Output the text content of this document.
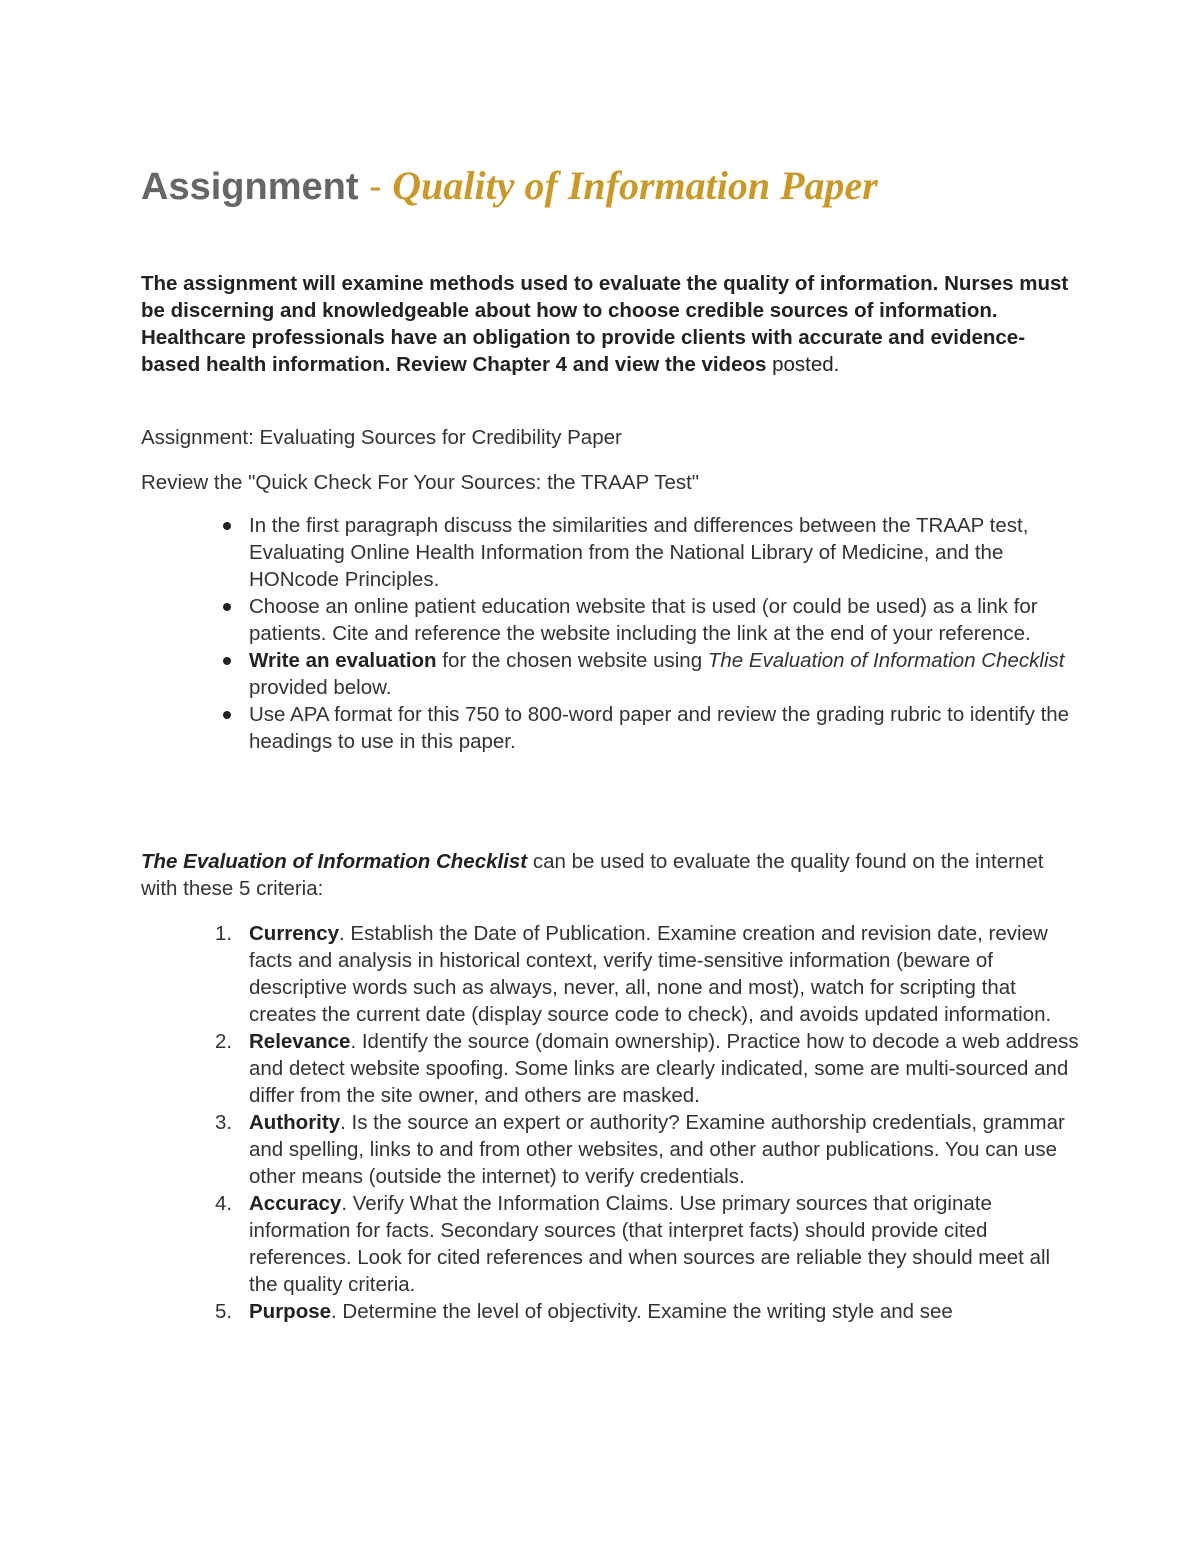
Assignment - Quality of Information Paper

The assignment will examine methods used to evaluate the quality of information. Nurses must be discerning and knowledgeable about how to choose credible sources of information. Healthcare professionals have an obligation to provide clients with accurate and evidence-based health information. Review Chapter 4 and view the videos posted.

Assignment: Evaluating Sources for Credibility Paper
Review the "Quick Check For Your Sources: the TRAAP Test"
In the first paragraph discuss the similarities and differences between the TRAAP test, Evaluating Online Health Information from the National Library of Medicine, and the HONcode Principles.
Choose an online patient education website that is used (or could be used) as a link for patients. Cite and reference the website including the link at the end of your reference.
Write an evaluation for the chosen website using The Evaluation of Information Checklist provided below.
Use APA format for this 750 to 800-word paper and review the grading rubric to identify the headings to use in this paper.

The Evaluation of Information Checklist can be used to evaluate the quality found on the internet with these 5 criteria:

1. Currency. Establish the Date of Publication. Examine creation and revision date, review facts and analysis in historical context, verify time-sensitive information (beware of descriptive words such as always, never, all, none and most), watch for scripting that creates the current date (display source code to check), and avoids updated information.
2. Relevance. Identify the source (domain ownership). Practice how to decode a web address and detect website spoofing. Some links are clearly indicated, some are multi-sourced and differ from the site owner, and others are masked.
3. Authority. Is the source an expert or authority? Examine authorship credentials, grammar and spelling, links to and from other websites, and other author publications. You can use other means (outside the internet) to verify credentials.
4. Accuracy. Verify What the Information Claims. Use primary sources that originate information for facts. Secondary sources (that interpret facts) should provide cited references. Look for cited references and when sources are reliable they should meet all the quality criteria.
5. Purpose. Determine the level of objectivity. Examine the writing style and see
